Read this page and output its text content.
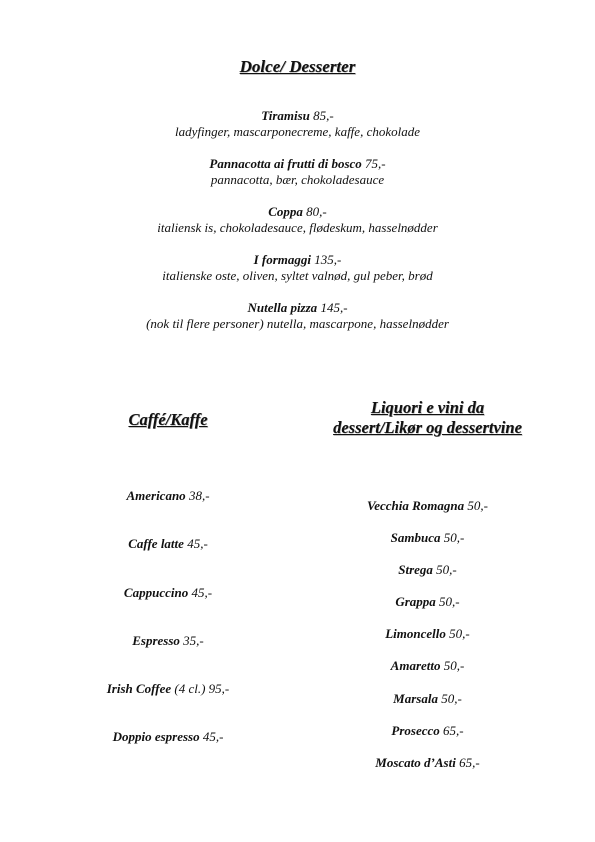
Dolce/ Desserter
Tiramisu 85,-
ladyfinger, mascarponecreme, kaffe, chokolade
Pannacotta ai frutti di bosco 75,-
pannacotta, bær, chokoladesauce
Coppa 80,-
italiensk is, chokoladesauce, flødeskum, hasselnødder
I formaggi 135,-
italienske oste, oliven, syltet valnød, gul peber, brød
Nutella pizza 145,-
(nok til flere personer) nutella, mascarpone, hasselnødder
Caffé/Kaffe
Liquori e vini da
dessert/Likør og dessertvine
Americano 38,-
Caffe latte 45,-
Cappuccino 45,-
Espresso 35,-
Irish Coffee (4 cl.) 95,-
Doppio espresso 45,-
Vecchia Romagna 50,-
Sambuca 50,-
Strega 50,-
Grappa 50,-
Limoncello 50,-
Amaretto 50,-
Marsala 50,-
Prosecco 65,-
Moscato d’Asti 65,-
